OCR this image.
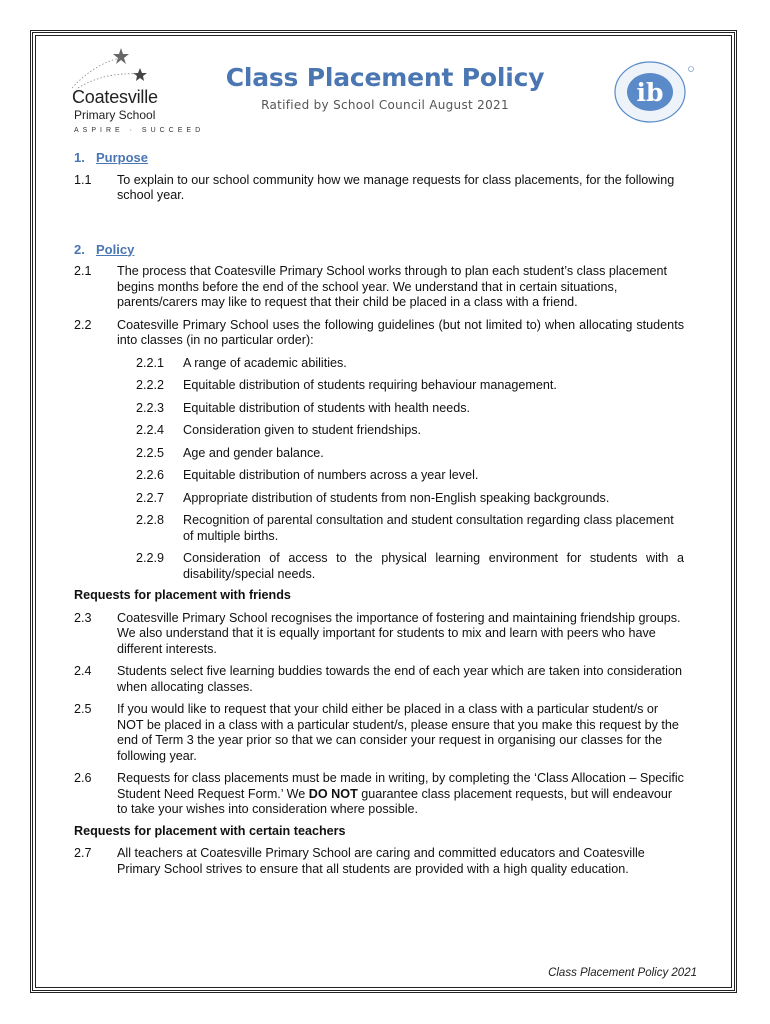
Coatesville
Primary School
ASPIRE · SUCCEED
Class Placement Policy
Ratified by School Council August 2021	ib
1. Purpose
1.1	To explain to our school community how we manage requests for class placements, for the following school year.
2. Policy
2.1	The process that Coatesville Primary School works through to plan each student’s class placement begins months before the end of the school year. We understand that in certain situations, parents/carers may like to request that their child be placed in a class with a friend.
2.2	Coatesville Primary School uses the following guidelines (but not limited to) when allocating students into classes (in no particular order):
2.2.1	A range of academic abilities.
2.2.2	Equitable distribution of students requiring behaviour management.
2.2.3	Equitable distribution of students with health needs.
2.2.4	Consideration given to student friendships.
2.2.5	Age and gender balance.
2.2.6	Equitable distribution of numbers across a year level.
2.2.7	Appropriate distribution of students from non-English speaking backgrounds.
2.2.8	Recognition of parental consultation and student consultation regarding class placement of multiple births.
2.2.9	Consideration of access to the physical learning environment for students with a disability/special needs.
Requests for placement with friends
2.3	Coatesville Primary School recognises the importance of fostering and maintaining friendship groups. We also understand that it is equally important for students to mix and learn with peers who have different interests.
2.4	Students select five learning buddies towards the end of each year which are taken into consideration when allocating classes.
2.5	If you would like to request that your child either be placed in a class with a particular student/s or NOT be placed in a class with a particular student/s, please ensure that you make this request by the end of Term 3 the year prior so that we can consider your request in organising our classes for the following year.
2.6	Requests for class placements must be made in writing, by completing the ‘Class Allocation – Specific Student Need Request Form.’ We DO NOT guarantee class placement requests, but will endeavour to take your wishes into consideration where possible.
Requests for placement with certain teachers
2.7	All teachers at Coatesville Primary School are caring and committed educators and Coatesville Primary School strives to ensure that all students are provided with a high quality education.
Class Placement Policy 2021
